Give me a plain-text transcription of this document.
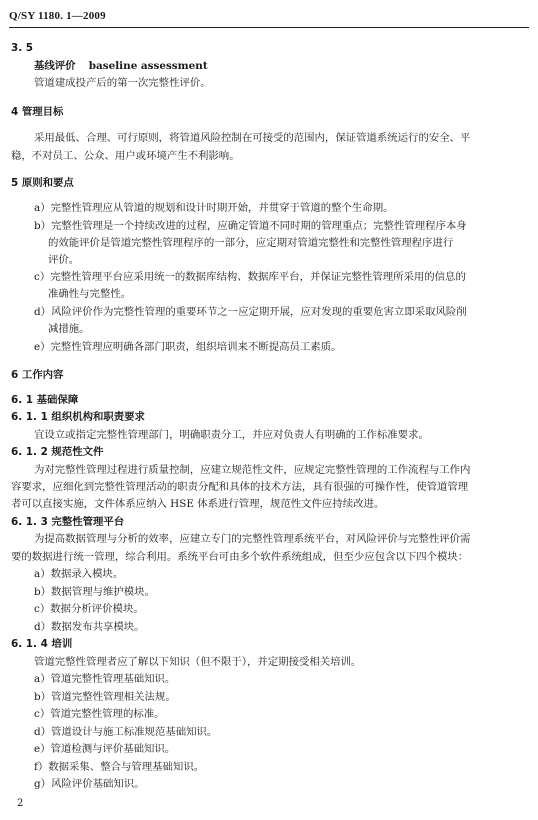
Q/SY 1180. 1—2009
3. 5
基线评价 baseline assessment
管道建成投产后的第一次完整性评价。
4 管理目标
采用最低、合理、可行原则，将管道风险控制在可接受的范围内，保证管道系统运行的安全、平
稳，不对员工、公众、用户或环境产生不利影响。
5 原则和要点
a）完整性管理应从管道的规划和设计时期开始，并贯穿于管道的整个生命期。
b）完整性管理是一个持续改进的过程，应确定管道不同时期的管理重点；完整性管理程序本身
的效能评价是管道完整性管理程序的一部分，应定期对管道完整性和完整性管理程序进行
评价。
c）完整性管理平台应采用统一的数据库结构、数据库平台，并保证完整性管理所采用的信息的
准确性与完整性。
d）风险评价作为完整性管理的重要环节之一应定期开展，应对发现的重要危害立即采取风险削
减措施。
e）完整性管理应明确各部门职责，组织培训来不断提高员工素质。
6 工作内容
6. 1 基础保障
6. 1. 1 组织机构和职责要求
宜设立或指定完整性管理部门，明确职责分工，并应对负责人有明确的工作标准要求。
6. 1. 2 规范性文件
为对完整性管理过程进行质量控制，应建立规范性文件，应规定完整性管理的工作流程与工作内
容要求，应细化到完整性管理活动的职责分配和具体的技术方法，具有很强的可操作性，使管道管理
者可以直接实施，文件体系应纳入 HSE 体系进行管理，规范性文件应持续改进。
6. 1. 3 完整性管理平台
为提高数据管理与分析的效率，应建立专门的完整性管理系统平台，对风险评价与完整性评价需
要的数据进行统一管理，综合利用。系统平台可由多个软件系统组成，但至少应包含以下四个模块：
a）数据录入模块。
b）数据管理与维护模块。
c）数据分析评价模块。
d）数据发布共享模块。
6. 1. 4 培训
管道完整性管理者应了解以下知识（但不限于），并定期接受相关培训。
a）管道完整性管理基础知识。
b）管道完整性管理相关法规。
c）管道完整性管理的标准。
d）管道设计与施工标准规范基础知识。
e）管道检测与评价基础知识。
f）数据采集、整合与管理基础知识。
g）风险评价基础知识。
2
